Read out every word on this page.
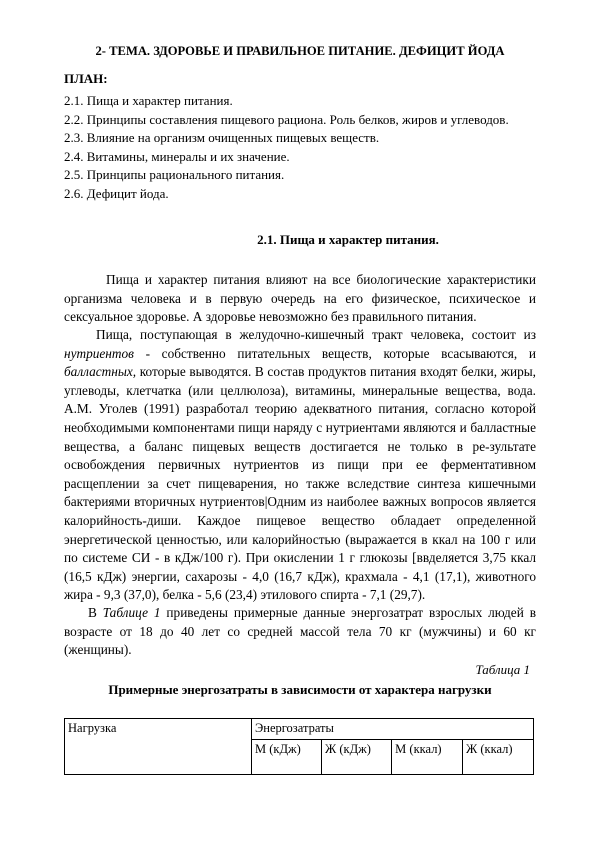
2- ТЕМА. ЗДОРОВЬЕ И ПРАВИЛЬНОЕ ПИТАНИЕ. ДЕФИЦИТ ЙОДА
ПЛАН:
2.1. Пища и характер питания.
2.2. Принципы составления пищевого рациона. Роль белков, жиров и углеводов.
2.3. Влияние на организм очищенных пищевых веществ.
2.4. Витамины, минералы и их значение.
2.5. Принципы рационального питания.
2.6. Дефицит йода.
2.1. Пища и характер питания.

Пища и характер питания влияют на все биологические характеристики организма человека и в первую очередь на его физическое, психическое и сексуальное здоровье. А здоровье невозможно без правильного питания.

Пища, поступающая в желудочно-кишечный тракт человека, состоит из нутриентов - собственно питательных веществ, которые всасываются, и балластных, которые выводятся. В состав продуктов питания входят белки, жиры, углеводы, клетчатка (или целлюлоза), витамины, минеральные вещества, вода. А.М. Уголев (1991) разработал теорию адекватного питания, согласно которой необходимыми компонентами пищи наряду с нутриентами являются и балластные вещества, а баланс пищевых веществ достигается не только в ре-зультате освобождения первичных нутриентов из пищи при ее ферментативном расщеплении за счет пищеварения, но также вследствие синтеза кишечными бактериями вторичных нутриентов|Одним из наиболее важных вопросов является калорийность-диши. Каждое пищевое вещество обладает определенной энергетической ценностью, или калорийностью (выражается в ккал на 100 г или по системе СИ - в кДж/100 г). При окислении 1 г глюкозы [ввделяется 3,75 ккал (16,5 кДж) энергии, сахарозы - 4,0 (16,7 кДж), крахмала - 4,1 (17,1), животного жира - 9,3 (37,0), белка - 5,6 (23,4) этилового спирта - 7,1 (29,7).

В Таблице 1 приведены примерные данные энергозатрат взрослых людей в возрасте от 18 до 40 лет со средней массой тела 70 кг (мужчины) и 60 кг (женщины).

Таблица 1
Примерные энергозатраты в зависимости от характера нагрузки
Нагрузка	Энергозатраты			
	М (кДж)	Ж (кДж)	М (ккал)	Ж (ккал)
